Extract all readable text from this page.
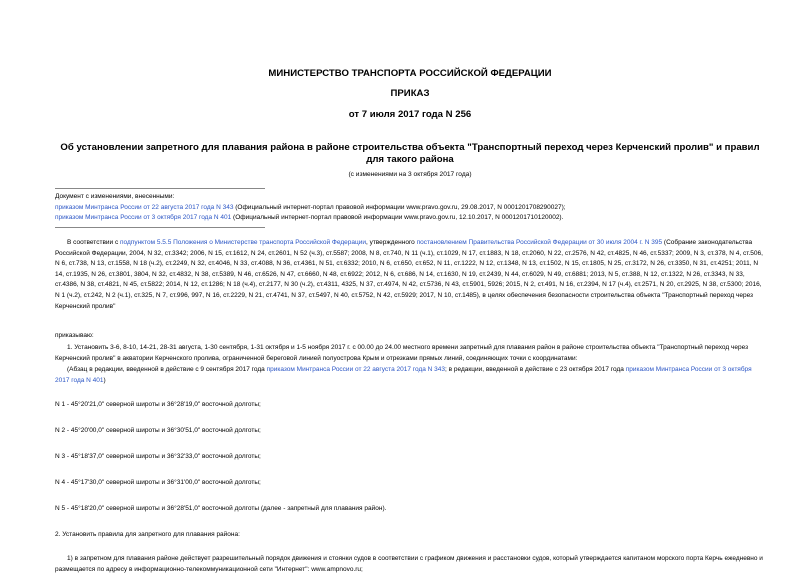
МИНИСТЕРСТВО ТРАНСПОРТА РОССИЙСКОЙ ФЕДЕРАЦИИ
ПРИКАЗ
от 7 июля 2017 года N 256
Об установлении запретного для плавания района в районе строительства объекта "Транспортный переход через Керченский пролив" и правил для такого района
(с изменениями на 3 октября 2017 года)
Документ с изменениями, внесенными:
приказом Минтранса России от 22 августа 2017 года N 343 (Официальный интернет-портал правовой информации www.pravo.gov.ru, 29.08.2017, N 0001201708290027);
приказом Минтранса России от 3 октября 2017 года N 401 (Официальный интернет-портал правовой информации www.pravo.gov.ru, 12.10.2017, N 0001201710120002).
В соответствии с подпунктом 5.5.5 Положения о Министерстве транспорта Российской Федерации, утвержденного постановлением Правительства Российской Федерации от 30 июля 2004 г. N 395 (Собрание законодательства Российской Федерации, 2004, N 32, ст.3342; 2006, N 15, ст.1612, N 24, ст.2601, N 52 (ч.3), ст.5587; 2008, N 8, ст.740, N 11 (ч.1), ст.1029, N 17, ст.1883, N 18, ст.2060, N 22, ст.2576, N 42, ст.4825, N 46, ст.5337; 2009, N 3, ст.378, N 4, ст.506, N 6, ст.738, N 13, ст.1558, N 18 (ч.2), ст.2249, N 32, ст.4046, N 33, ст.4088, N 36, ст.4361, N 51, ст.6332; 2010, N 6, ст.650, ст.652, N 11, ст.1222, N 12, ст.1348, N 13, ст.1502, N 15, ст.1805, N 25, ст.3172, N 26, ст.3350, N 31, ст.4251; 2011, N 14, ст.1935, N 26, ст.3801, 3804, N 32, ст.4832, N 38, ст.5389, N 46, ст.6526, N 47, ст.6660, N 48, ст.6922; 2012, N 6, ст.686, N 14, ст.1630, N 19, ст.2439, N 44, ст.6029, N 49, ст.6881; 2013, N 5, ст.388, N 12, ст.1322, N 26, ст.3343, N 33, ст.4386, N 38, ст.4821, N 45, ст.5822; 2014, N 12, ст.1286; N 18 (ч.4), ст.2177, N 30 (ч.2), ст.4311, 4325, N 37, ст.4974, N 42, ст.5736, N 43, ст.5901, 5926; 2015, N 2, ст.491, N 16, ст.2394, N 17 (ч.4), ст.2571, N 20, ст.2925, N 38, ст.5300; 2016, N 1 (ч.2), ст.242, N 2 (ч.1), ст.325, N 7, ст.996, 997, N 16, ст.2229, N 21, ст.4741, N 37, ст.5497, N 40, ст.5752, N 42, ст.5929; 2017, N 10, ст.1485), в целях обеспечения безопасности строительства объекта "Транспортный переход через Керченский пролив"
приказываю:
1. Установить 3-6, 8-10, 14-21, 28-31 августа, 1-30 сентября, 1-31 октября и 1-5 ноября 2017 г. с 00.00 до 24.00 местного времени запретный для плавания район в районе строительства объекта "Транспортный переход через Керченский пролив" в акватории Керченского пролива, ограниченной береговой линией полуострова Крым и отрезками прямых линий, соединяющих точки с координатами:
(Абзац в редакции, введенной в действие с 9 сентября 2017 года приказом Минтранса России от 22 августа 2017 года N 343; в редакции, введенной в действие с 23 октября 2017 года приказом Минтранса России от 3 октября 2017 года N 401)
N 1 - 45°20'21,0" северной широты и 36°28'19,0" восточной долготы;
N 2 - 45°20'00,0" северной широты и 36°30'51,0" восточной долготы;
N 3 - 45°18'37,0" северной широты и 36°32'33,0" восточной долготы;
N 4 - 45°17'30,0" северной широты и 36°31'00,0" восточной долготы;
N 5 - 45°18'20,0" северной широты и 36°28'51,0" восточной долготы (далее - запретный для плавания район).
2. Установить правила для запретного для плавания района:
1) в запретном для плавания районе действует разрешительный порядок движения и стоянки судов в соответствии с графиком движения и расстановки судов, который утверждается капитаном морского порта Керчь ежедневно и размещается по адресу в информационно-телекоммуникационной сети "Интернет": www.ampnovo.ru;
